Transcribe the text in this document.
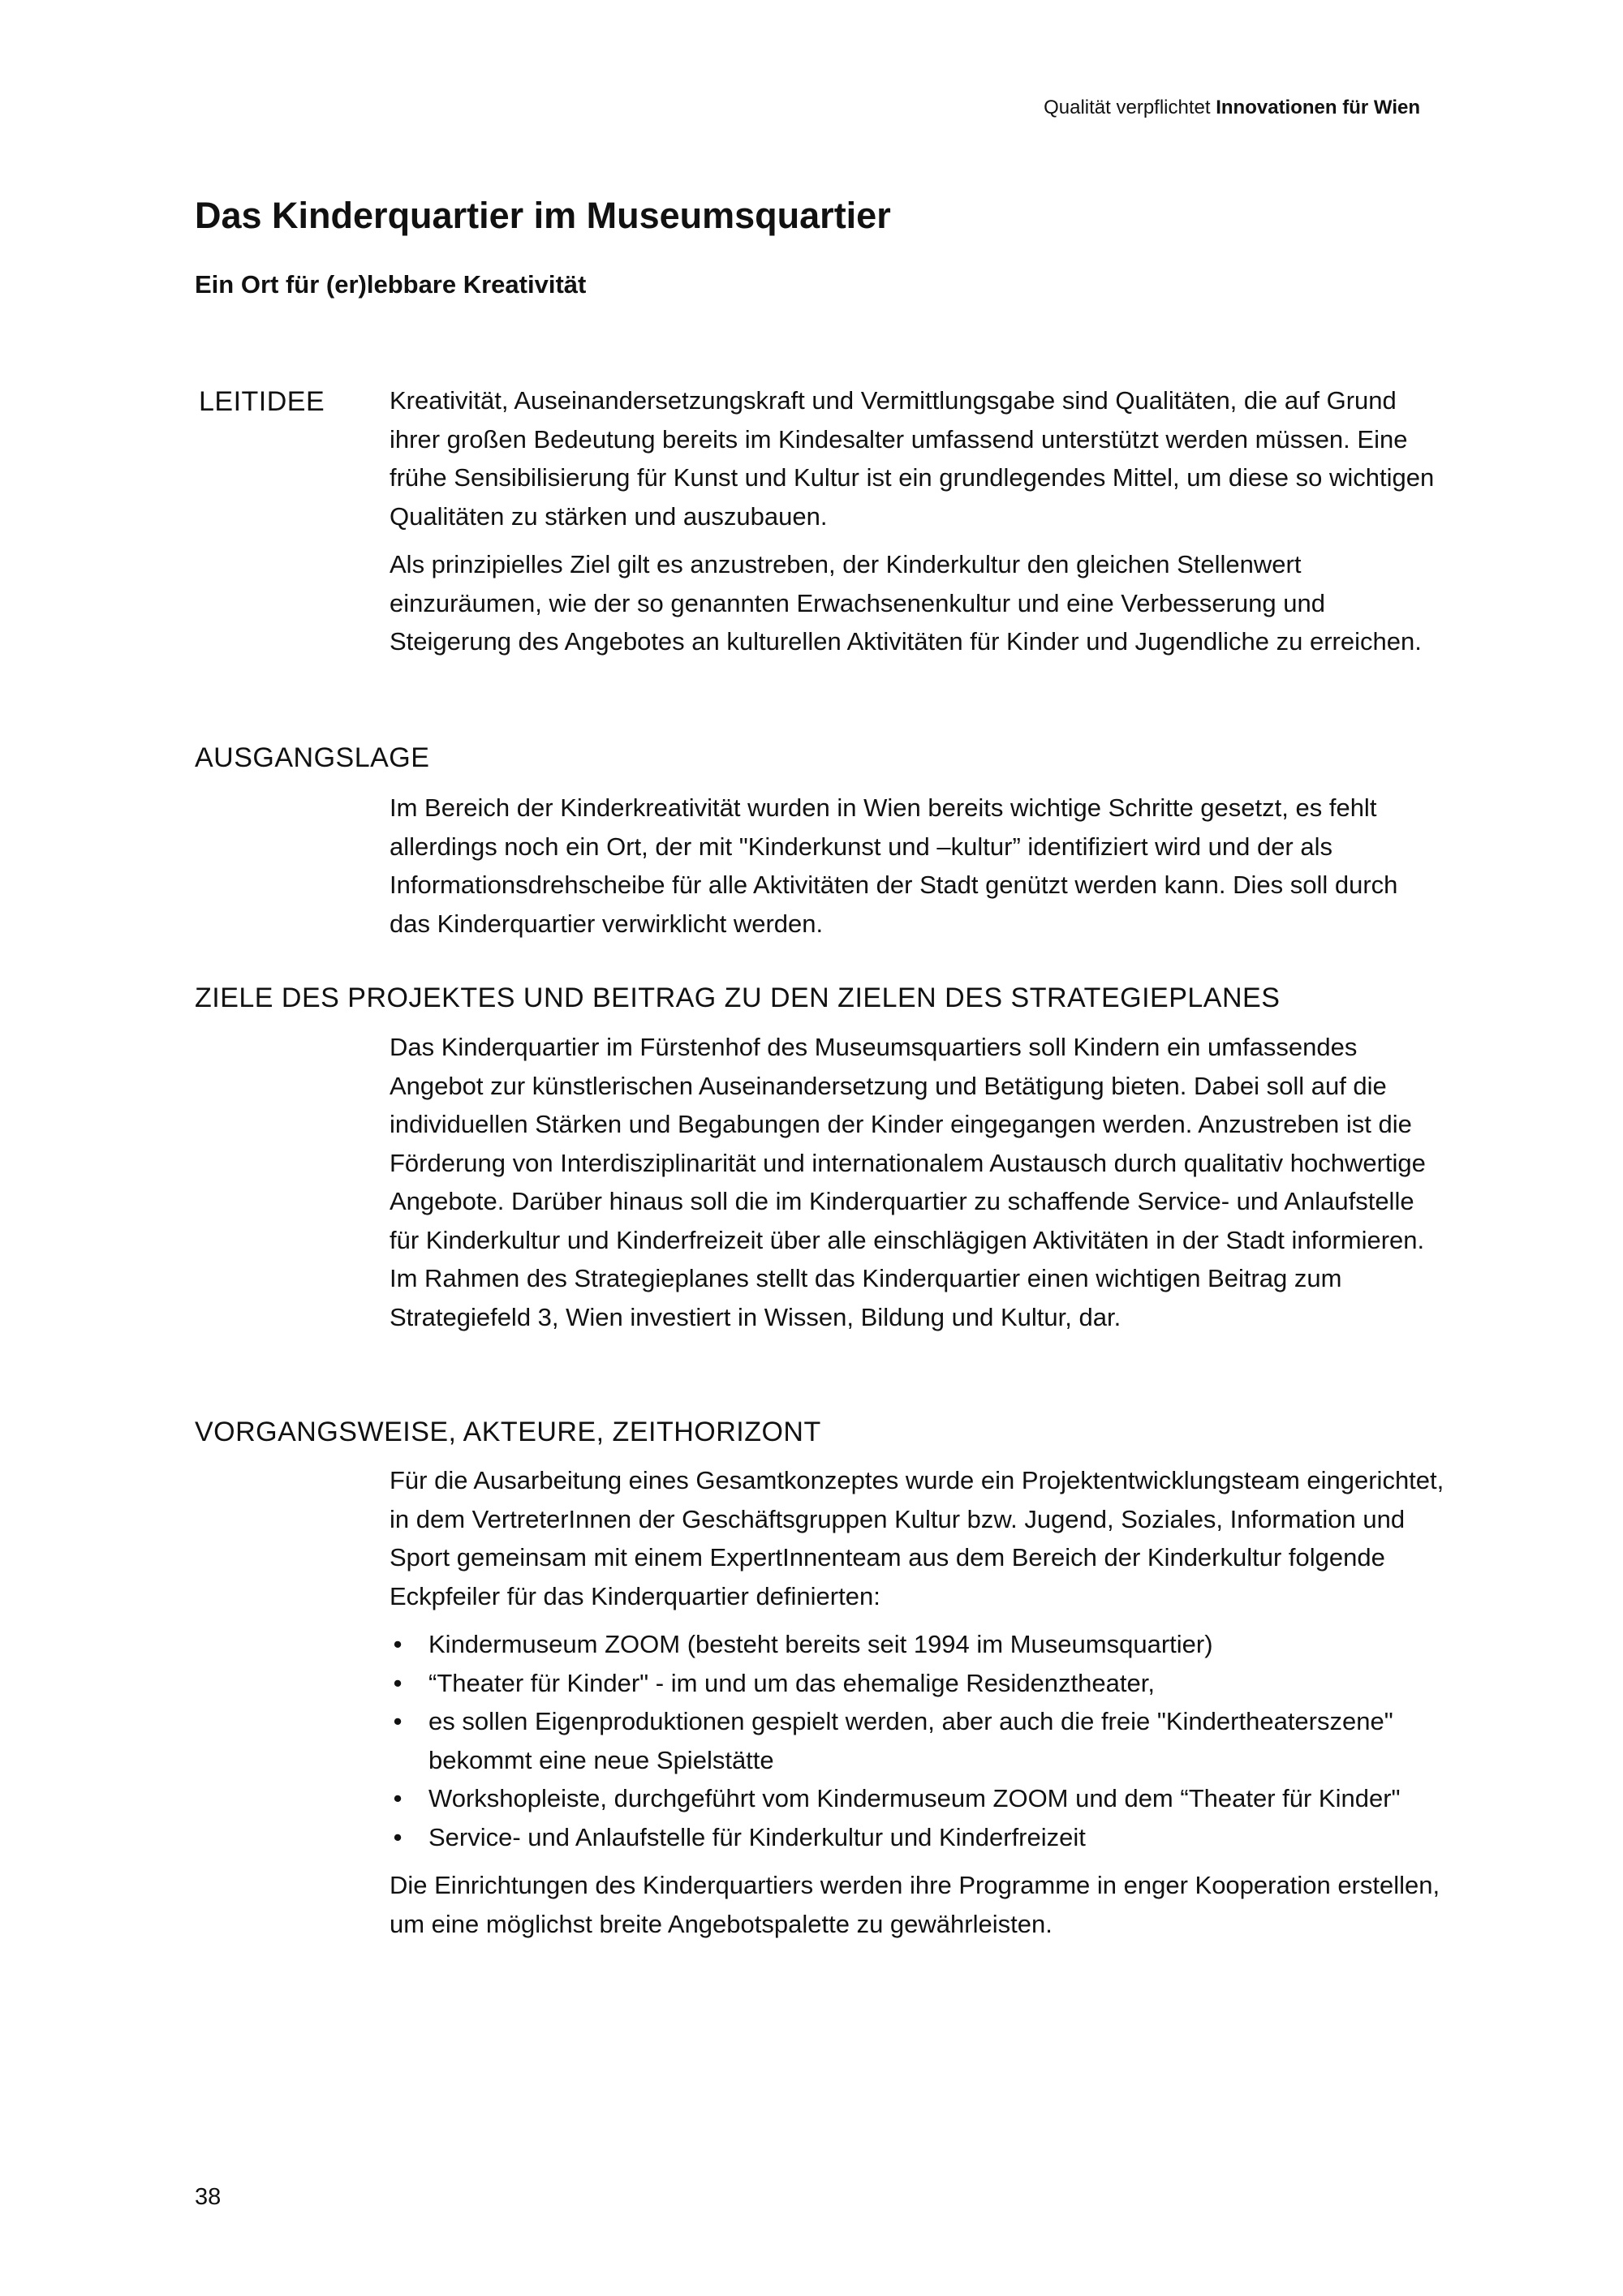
Qualität verpflichtet Innovationen für Wien
Das Kinderquartier im Museumsquartier
Ein Ort für (er)lebbare Kreativität
LEITIDEE	Kreativität, Auseinandersetzungskraft und Vermittlungsgabe sind Qualitäten, die auf Grund ihrer großen Bedeutung bereits im Kindesalter umfassend unterstützt werden müssen. Eine frühe Sensibilisierung für Kunst und Kultur ist ein grundlegendes Mittel, um diese so wichtigen Qualitäten zu stärken und auszubauen.

Als prinzipielles Ziel gilt es anzustreben, der Kinderkultur den gleichen Stellenwert einzuräumen, wie der so genannten Erwachsenenkultur und eine Verbesserung und Steigerung des Angebotes an kulturellen Aktivitäten für Kinder und Jugendliche zu erreichen.

AUSGANGSLAGE

Im Bereich der Kinderkreativität wurden in Wien bereits wichtige Schritte gesetzt, es fehlt allerdings noch ein Ort, der mit "Kinderkunst und –kultur” identifiziert wird und der als Informationsdrehscheibe für alle Aktivitäten der Stadt genützt werden kann. Dies soll durch das Kinderquartier verwirklicht werden.

ZIELE DES PROJEKTES UND BEITRAG ZU DEN ZIELEN DES STRATEGIEPLANES

Das Kinderquartier im Fürstenhof des Museumsquartiers soll Kindern ein umfassendes Angebot zur künstlerischen Auseinandersetzung und Betätigung bieten. Dabei soll auf die individuellen Stärken und Begabungen der Kinder eingegangen werden. Anzustreben ist die Förderung von Interdisziplinarität und internationalem Austausch durch qualitativ hochwertige Angebote. Darüber hinaus soll die im Kinderquartier zu schaffende Service- und Anlaufstelle für Kinderkultur und Kinderfreizeit über alle einschlägigen Aktivitäten in der Stadt informieren.

Im Rahmen des Strategieplanes stellt das Kinderquartier einen wichtigen Beitrag zum Strategiefeld 3, Wien investiert in Wissen, Bildung und Kultur, dar.

VORGANGSWEISE, AKTEURE, ZEITHORIZONT

Für die Ausarbeitung eines Gesamtkonzeptes wurde ein Projektentwicklungsteam eingerichtet, in dem VertreterInnen der Geschäftsgruppen Kultur bzw. Jugend, Soziales, Information und Sport gemeinsam mit einem ExpertInnenteam aus dem Bereich der Kinderkultur folgende Eckpfeiler für das Kinderquartier definierten:

• Kindermuseum ZOOM (besteht bereits seit 1994 im Museumsquartier)
• “Theater für Kinder" - im und um das ehemalige Residenztheater,
• es sollen Eigenproduktionen gespielt werden, aber auch die freie "Kindertheaterszene" bekommt eine neue Spielstätte
• Workshopleiste, durchgeführt vom Kindermuseum ZOOM und dem “Theater für Kinder"
• Service- und Anlaufstelle für Kinderkultur und Kinderfreizeit

Die Einrichtungen des Kinderquartiers werden ihre Programme in enger Kooperation erstellen, um eine möglichst breite Angebotspalette zu gewährleisten.

38
